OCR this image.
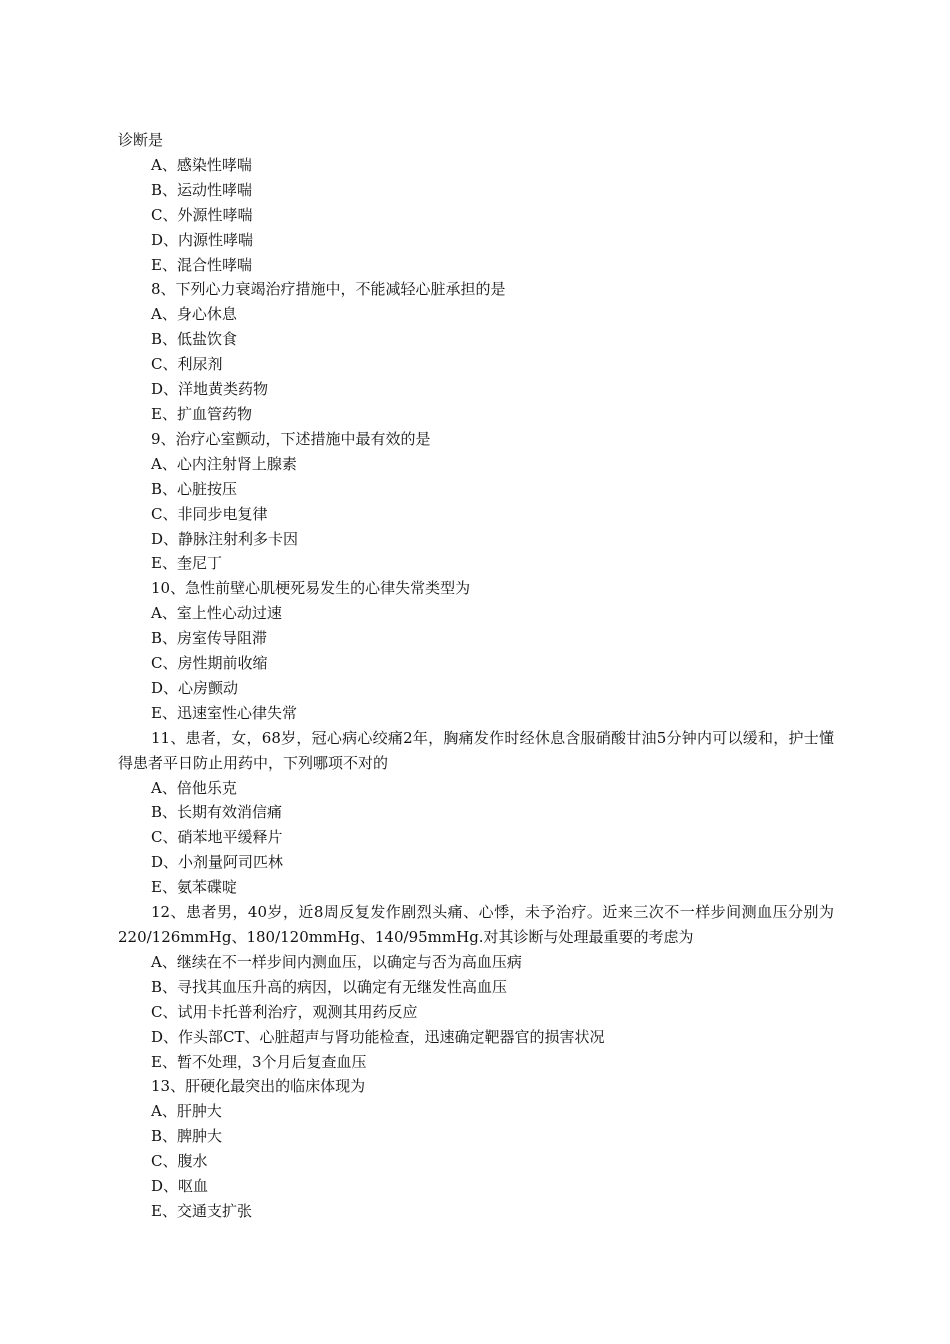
诊断是
A、感染性哮喘
B、运动性哮喘
C、外源性哮喘
D、内源性哮喘
E、混合性哮喘
8、下列心力衰竭治疗措施中，不能减轻心脏承担的是
A、身心休息
B、低盐饮食
C、利尿剂
D、洋地黄类药物
E、扩血管药物
9、治疗心室颤动，下述措施中最有效的是
A、心内注射肾上腺素
B、心脏按压
C、非同步电复律
D、静脉注射利多卡因
E、奎尼丁
10、急性前壁心肌梗死易发生的心律失常类型为
A、室上性心动过速
B、房室传导阻滞
C、房性期前收缩
D、心房颤动
E、迅速室性心律失常
11、患者，女，68岁，冠心病心绞痛2年，胸痛发作时经休息含服硝酸甘油5分钟内可以缓和，护士懂得患者平日防止用药中，下列哪项不对的
A、倍他乐克
B、长期有效消信痛
C、硝苯地平缓释片
D、小剂量阿司匹林
E、氨苯碟啶
12、患者男，40岁，近8周反复发作剧烈头痛、心悸，未予治疗。近来三次不一样步间测血压分别为220/126mmHg、180/120mmHg、140/95mmHg.对其诊断与处理最重要的考虑为
A、继续在不一样步间内测血压，以确定与否为高血压病
B、寻找其血压升高的病因，以确定有无继发性高血压
C、试用卡托普利治疗，观测其用药反应
D、作头部CT、心脏超声与肾功能检查，迅速确定靶器官的损害状况
E、暂不处理，3个月后复查血压
13、肝硬化最突出的临床体现为
A、肝肿大
B、脾肿大
C、腹水
D、呕血
E、交通支扩张
